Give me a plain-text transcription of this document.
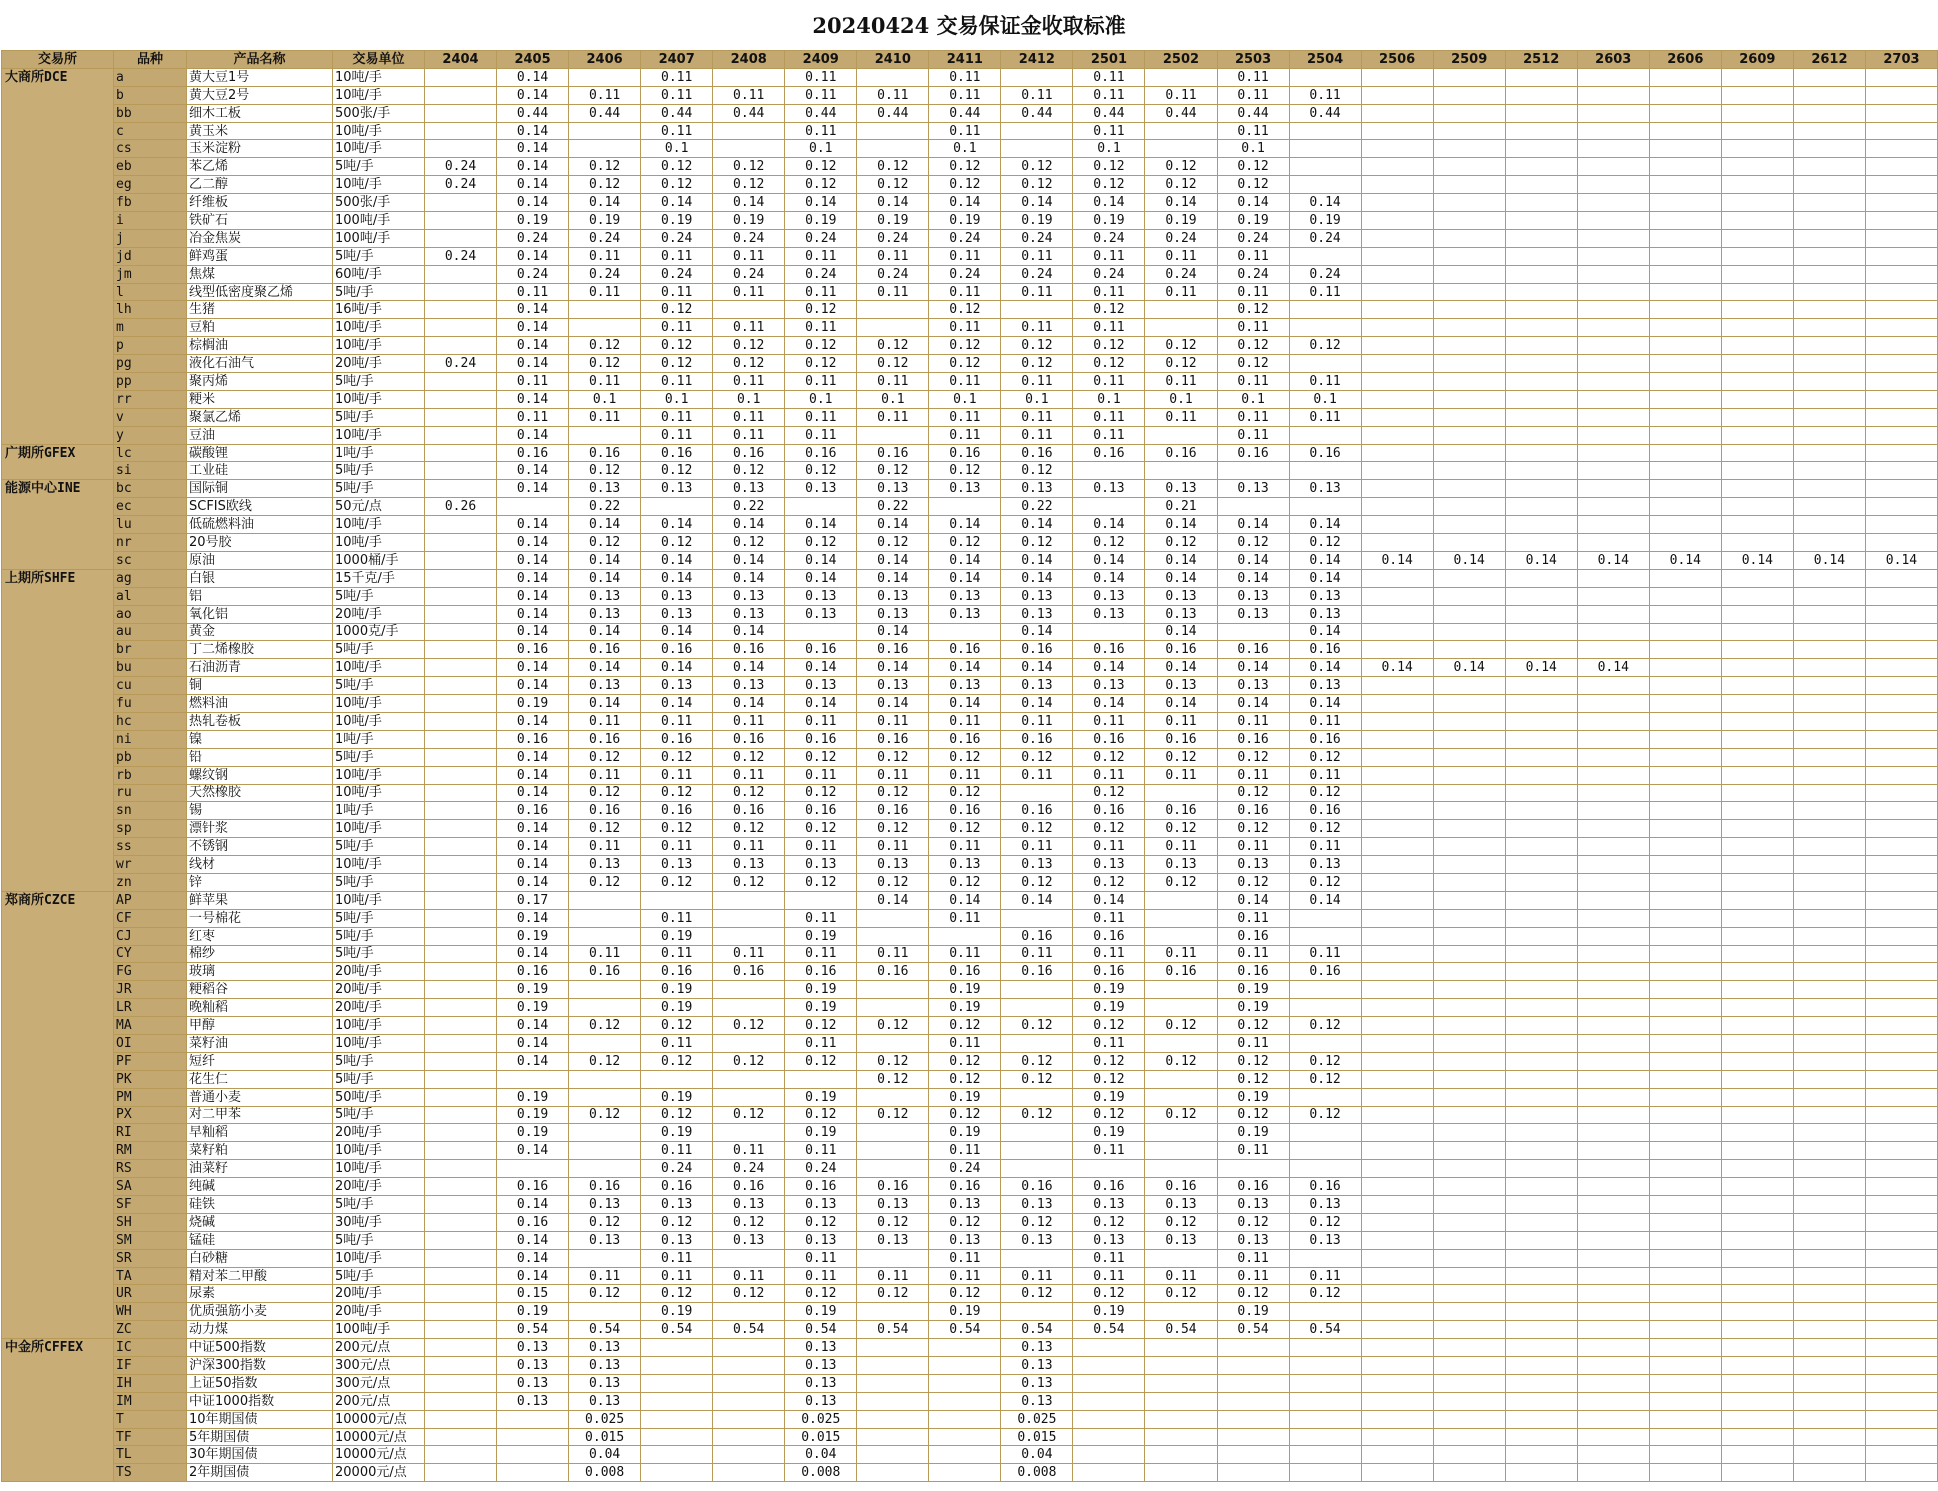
20240424 交易保证金收取标准
交易所	品种	产品名称	交易单位	2404	2405	2406	2407	2408	2409	2410	2411	2412	2501	2502	2503	2504	2506	2509	2512	2603	2606	2609	2612	2703
大商所DCE	a	黄大豆1号	10吨/手		0.14		0.11		0.11		0.11		0.11		0.11									
	b	黄大豆2号	10吨/手		0.14	0.11	0.11	0.11	0.11	0.11	0.11	0.11	0.11	0.11	0.11	0.11								
	bb	细木工板	500张/手		0.44	0.44	0.44	0.44	0.44	0.44	0.44	0.44	0.44	0.44	0.44	0.44								
	c	黄玉米	10吨/手		0.14		0.11		0.11		0.11		0.11		0.11									
	cs	玉米淀粉	10吨/手		0.14		0.1		0.1		0.1		0.1		0.1									
	eb	苯乙烯	5吨/手	0.24	0.14	0.12	0.12	0.12	0.12	0.12	0.12	0.12	0.12	0.12	0.12									
	eg	乙二醇	10吨/手	0.24	0.14	0.12	0.12	0.12	0.12	0.12	0.12	0.12	0.12	0.12	0.12									
	fb	纤维板	500张/手		0.14	0.14	0.14	0.14	0.14	0.14	0.14	0.14	0.14	0.14	0.14	0.14								
	i	铁矿石	100吨/手		0.19	0.19	0.19	0.19	0.19	0.19	0.19	0.19	0.19	0.19	0.19	0.19								
	j	冶金焦炭	100吨/手		0.24	0.24	0.24	0.24	0.24	0.24	0.24	0.24	0.24	0.24	0.24	0.24								
	jd	鲜鸡蛋	5吨/手	0.24	0.14	0.11	0.11	0.11	0.11	0.11	0.11	0.11	0.11	0.11	0.11									
	jm	焦煤	60吨/手		0.24	0.24	0.24	0.24	0.24	0.24	0.24	0.24	0.24	0.24	0.24	0.24								
	l	线型低密度聚乙烯	5吨/手		0.11	0.11	0.11	0.11	0.11	0.11	0.11	0.11	0.11	0.11	0.11	0.11								
	lh	生猪	16吨/手		0.14		0.12		0.12		0.12		0.12		0.12									
	m	豆粕	10吨/手		0.14		0.11	0.11	0.11		0.11	0.11	0.11		0.11									
	p	棕榈油	10吨/手		0.14	0.12	0.12	0.12	0.12	0.12	0.12	0.12	0.12	0.12	0.12	0.12								
	pg	液化石油气	20吨/手	0.24	0.14	0.12	0.12	0.12	0.12	0.12	0.12	0.12	0.12	0.12	0.12									
	pp	聚丙烯	5吨/手		0.11	0.11	0.11	0.11	0.11	0.11	0.11	0.11	0.11	0.11	0.11	0.11								
	rr	粳米	10吨/手		0.14	0.1	0.1	0.1	0.1	0.1	0.1	0.1	0.1	0.1	0.1	0.1								
	v	聚氯乙烯	5吨/手		0.11	0.11	0.11	0.11	0.11	0.11	0.11	0.11	0.11	0.11	0.11	0.11								
	y	豆油	10吨/手		0.14		0.11	0.11	0.11		0.11	0.11	0.11		0.11									
广期所GFEX	lc	碳酸锂	1吨/手		0.16	0.16	0.16	0.16	0.16	0.16	0.16	0.16	0.16	0.16	0.16	0.16								
	si	工业硅	5吨/手		0.14	0.12	0.12	0.12	0.12	0.12	0.12	0.12												
能源中心INE	bc	国际铜	5吨/手		0.14	0.13	0.13	0.13	0.13	0.13	0.13	0.13	0.13	0.13	0.13	0.13								
	ec	SCFIS欧线	50元/点	0.26		0.22		0.22		0.22		0.22		0.21										
	lu	低硫燃料油	10吨/手		0.14	0.14	0.14	0.14	0.14	0.14	0.14	0.14	0.14	0.14	0.14	0.14								
	nr	20号胶	10吨/手		0.14	0.12	0.12	0.12	0.12	0.12	0.12	0.12	0.12	0.12	0.12	0.12								
	sc	原油	1000桶/手		0.14	0.14	0.14	0.14	0.14	0.14	0.14	0.14	0.14	0.14	0.14	0.14	0.14	0.14	0.14	0.14	0.14	0.14	0.14	0.14
上期所SHFE	ag	白银	15千克/手		0.14	0.14	0.14	0.14	0.14	0.14	0.14	0.14	0.14	0.14	0.14	0.14								
	al	铝	5吨/手		0.14	0.13	0.13	0.13	0.13	0.13	0.13	0.13	0.13	0.13	0.13	0.13								
	ao	氧化铝	20吨/手		0.14	0.13	0.13	0.13	0.13	0.13	0.13	0.13	0.13	0.13	0.13	0.13								
	au	黄金	1000克/手		0.14	0.14	0.14	0.14		0.14		0.14		0.14		0.14								
	br	丁二烯橡胶	5吨/手		0.16	0.16	0.16	0.16	0.16	0.16	0.16	0.16	0.16	0.16	0.16	0.16								
	bu	石油沥青	10吨/手		0.14	0.14	0.14	0.14	0.14	0.14	0.14	0.14	0.14	0.14	0.14	0.14	0.14	0.14	0.14	0.14				
	cu	铜	5吨/手		0.14	0.13	0.13	0.13	0.13	0.13	0.13	0.13	0.13	0.13	0.13	0.13								
	fu	燃料油	10吨/手		0.19	0.14	0.14	0.14	0.14	0.14	0.14	0.14	0.14	0.14	0.14	0.14								
	hc	热轧卷板	10吨/手		0.14	0.11	0.11	0.11	0.11	0.11	0.11	0.11	0.11	0.11	0.11	0.11								
	ni	镍	1吨/手		0.16	0.16	0.16	0.16	0.16	0.16	0.16	0.16	0.16	0.16	0.16	0.16								
	pb	铅	5吨/手		0.14	0.12	0.12	0.12	0.12	0.12	0.12	0.12	0.12	0.12	0.12	0.12								
	rb	螺纹钢	10吨/手		0.14	0.11	0.11	0.11	0.11	0.11	0.11	0.11	0.11	0.11	0.11	0.11								
	ru	天然橡胶	10吨/手		0.14	0.12	0.12	0.12	0.12	0.12	0.12		0.12		0.12	0.12								
	sn	锡	1吨/手		0.16	0.16	0.16	0.16	0.16	0.16	0.16	0.16	0.16	0.16	0.16	0.16								
	sp	漂针浆	10吨/手		0.14	0.12	0.12	0.12	0.12	0.12	0.12	0.12	0.12	0.12	0.12	0.12								
	ss	不锈钢	5吨/手		0.14	0.11	0.11	0.11	0.11	0.11	0.11	0.11	0.11	0.11	0.11	0.11								
	wr	线材	10吨/手		0.14	0.13	0.13	0.13	0.13	0.13	0.13	0.13	0.13	0.13	0.13	0.13								
	zn	锌	5吨/手		0.14	0.12	0.12	0.12	0.12	0.12	0.12	0.12	0.12	0.12	0.12	0.12								
郑商所CZCE	AP	鲜苹果	10吨/手		0.17					0.14	0.14	0.14	0.14		0.14	0.14								
	CF	一号棉花	5吨/手		0.14		0.11		0.11		0.11		0.11		0.11									
	CJ	红枣	5吨/手		0.19		0.19		0.19			0.16	0.16		0.16									
	CY	棉纱	5吨/手		0.14	0.11	0.11	0.11	0.11	0.11	0.11	0.11	0.11	0.11	0.11	0.11								
	FG	玻璃	20吨/手		0.16	0.16	0.16	0.16	0.16	0.16	0.16	0.16	0.16	0.16	0.16	0.16								
	JR	粳稻谷	20吨/手		0.19		0.19		0.19		0.19		0.19		0.19									
	LR	晚籼稻	20吨/手		0.19		0.19		0.19		0.19		0.19		0.19									
	MA	甲醇	10吨/手		0.14	0.12	0.12	0.12	0.12	0.12	0.12	0.12	0.12	0.12	0.12	0.12								
	OI	菜籽油	10吨/手		0.14		0.11		0.11		0.11		0.11		0.11									
	PF	短纤	5吨/手		0.14	0.12	0.12	0.12	0.12	0.12	0.12	0.12	0.12	0.12	0.12	0.12								
	PK	花生仁	5吨/手							0.12	0.12	0.12	0.12		0.12	0.12								
	PM	普通小麦	50吨/手		0.19		0.19		0.19		0.19		0.19		0.19									
	PX	对二甲苯	5吨/手		0.19	0.12	0.12	0.12	0.12	0.12	0.12	0.12	0.12	0.12	0.12	0.12								
	RI	早籼稻	20吨/手		0.19		0.19		0.19		0.19		0.19		0.19									
	RM	菜籽粕	10吨/手		0.14		0.11	0.11	0.11		0.11		0.11		0.11									
	RS	油菜籽	10吨/手				0.24	0.24	0.24		0.24													
	SA	纯碱	20吨/手		0.16	0.16	0.16	0.16	0.16	0.16	0.16	0.16	0.16	0.16	0.16	0.16								
	SF	硅铁	5吨/手		0.14	0.13	0.13	0.13	0.13	0.13	0.13	0.13	0.13	0.13	0.13	0.13								
	SH	烧碱	30吨/手		0.16	0.12	0.12	0.12	0.12	0.12	0.12	0.12	0.12	0.12	0.12	0.12								
	SM	锰硅	5吨/手		0.14	0.13	0.13	0.13	0.13	0.13	0.13	0.13	0.13	0.13	0.13	0.13								
	SR	白砂糖	10吨/手		0.14		0.11		0.11		0.11		0.11		0.11									
	TA	精对苯二甲酸	5吨/手		0.14	0.11	0.11	0.11	0.11	0.11	0.11	0.11	0.11	0.11	0.11	0.11								
	UR	尿素	20吨/手		0.15	0.12	0.12	0.12	0.12	0.12	0.12	0.12	0.12	0.12	0.12	0.12								
	WH	优质强筋小麦	20吨/手		0.19		0.19		0.19		0.19		0.19		0.19									
	ZC	动力煤	100吨/手		0.54	0.54	0.54	0.54	0.54	0.54	0.54	0.54	0.54	0.54	0.54	0.54								
中金所CFFEX	IC	中证500指数	200元/点		0.13	0.13			0.13			0.13												
	IF	沪深300指数	300元/点		0.13	0.13			0.13			0.13												
	IH	上证50指数	300元/点		0.13	0.13			0.13			0.13												
	IM	中证1000指数	200元/点		0.13	0.13			0.13			0.13												
	T	10年期国债	10000元/点			0.025			0.025			0.025												
	TF	5年期国债	10000元/点			0.015			0.015			0.015												
	TL	30年期国债	10000元/点			0.04			0.04			0.04												
	TS	2年期国债	20000元/点			0.008			0.008			0.008												
